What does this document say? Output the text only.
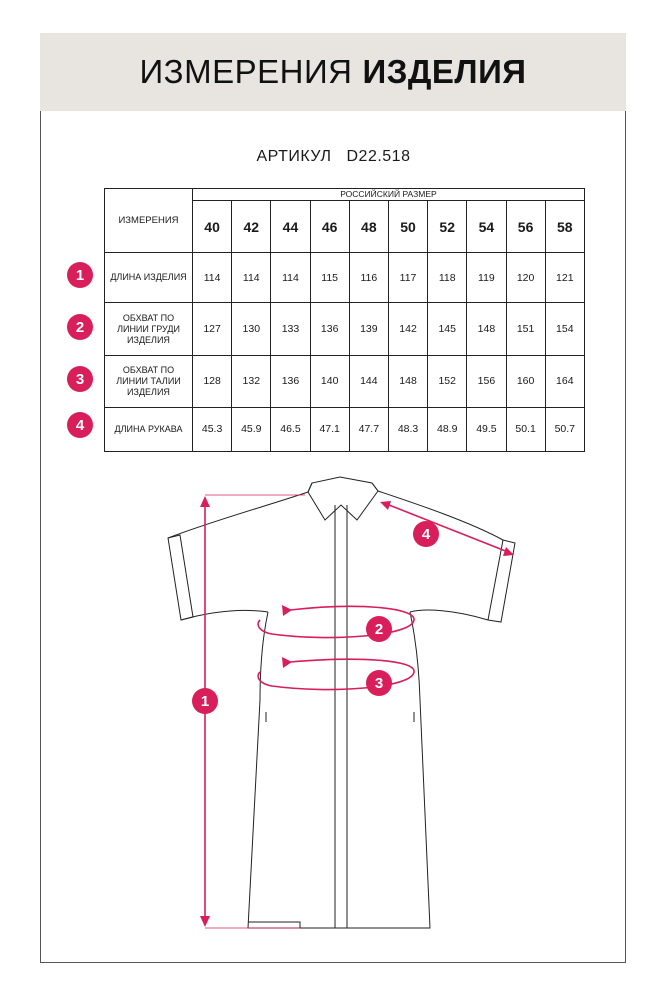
ИЗМЕРЕНИЯ ИЗДЕЛИЯ
АРТИКУЛ D22.518
ИЗМЕРЕНИЯ	РОССИЙСКИЙ РАЗМЕР									
	40	42	44	46	48	50	52	54	56	58
ДЛИНА ИЗДЕЛИЯ	114	114	114	115	116	117	118	119	120	121
ОБХВАТ ПО ЛИНИИ ГРУДИ ИЗДЕЛИЯ	127	130	133	136	139	142	145	148	151	154
ОБХВАТ ПО ЛИНИИ ТАЛИИ ИЗДЕЛИЯ	128	132	136	140	144	148	152	156	160	164
ДЛИНА РУКАВА	45.3	45.9	46.5	47.1	47.7	48.3	48.9	49.5	50.1	50.7
1
2
3
4
1
2
3
4
